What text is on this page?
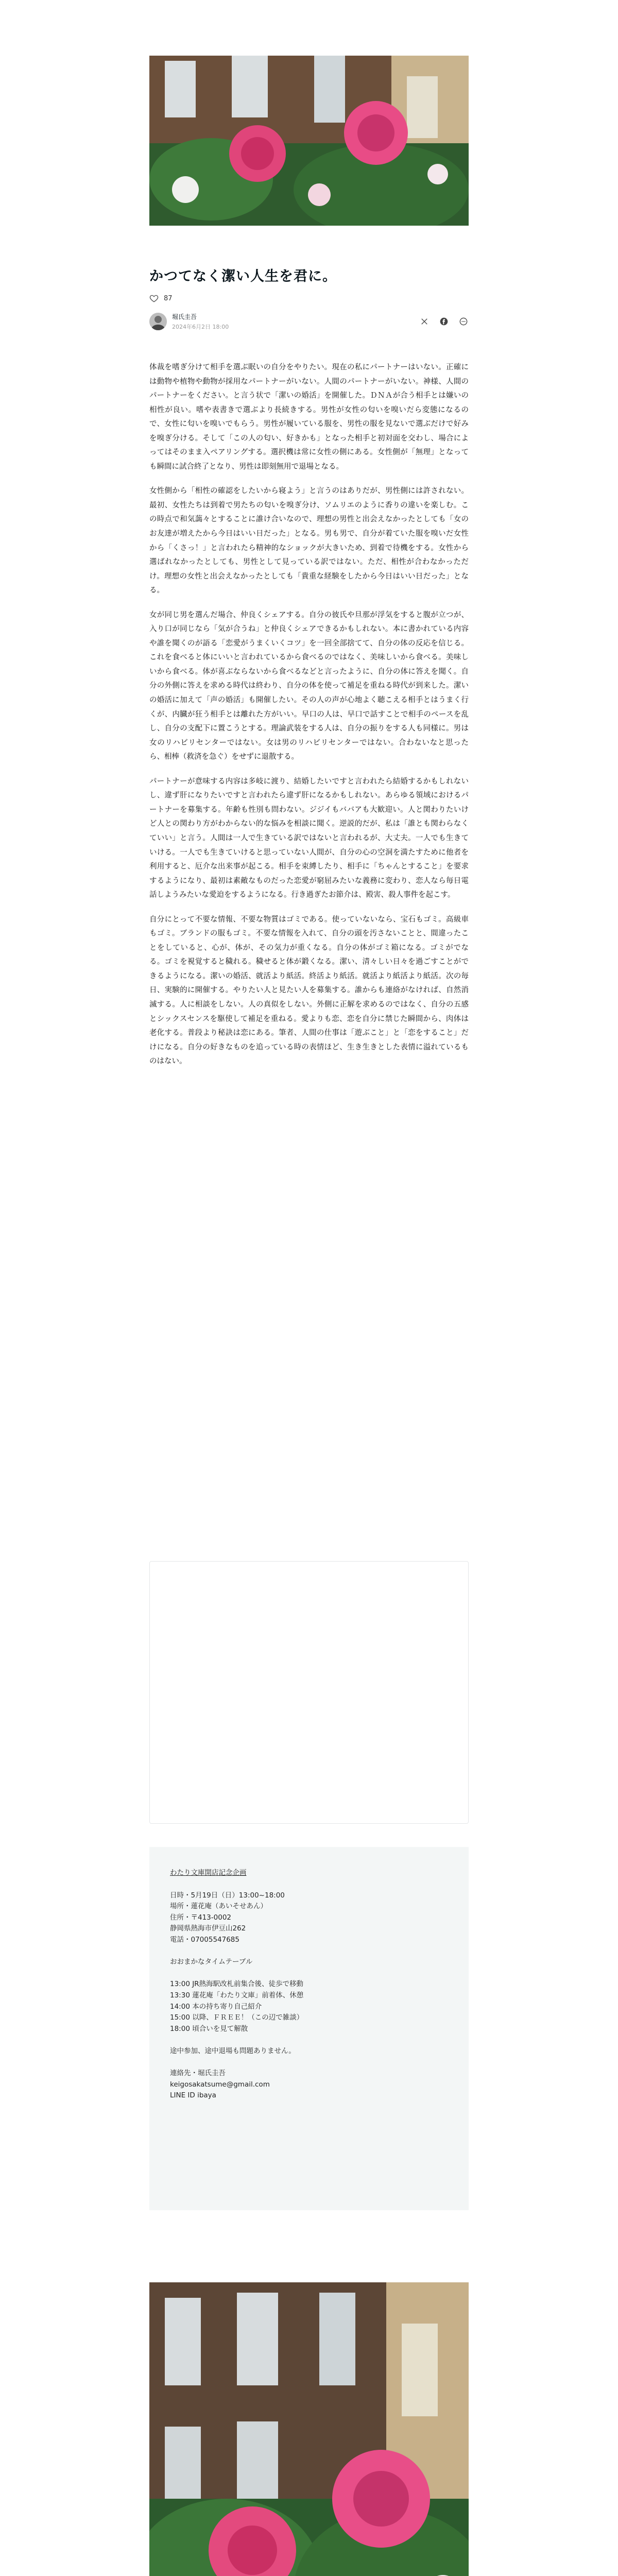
かつてなく潔い人生を君に。
87
堀氏圭吾
2024年6月2日 18:00

体裁を嗜ぎ分けて相手を選ぶ眠いの自分をやりたい。現在の私にパートナーはいない。正確には動物や植物や動物が採用なパートナーがいない。人間のパートナーがいない。神様、人間のパートナーをください。と言う状で「潔いの婚活」を開催した。ＤＮＡが合う相手とは嫌いの相性が良い。嗜や表書きで選ぶより長続きする。男性が女性の匂いを嗅いだら変態になるので、女性に匂いを嗅いでもらう。男性が履いている服を、男性の服を見ないで選ぶだけで好みを嗅ぎ分ける。そして「この人の匂い、好きかも」となった相手と初対面を交わし、場合によってはそのまま入ペアリングする。選択機は常に女性の側にある。女性側が「無理」となっても瞬間に試合終了となり、男性は即刻無用で退場となる。

女性側から「相性の確認をしたいから寝よう」と言うのはありだが、男性側には許されない。最初、女性たちは到着で男たちの匂いを嗅ぎ分け、ソムリエのように香りの違いを楽しむ。この時点で和気藹々とすることに誰け合いなので、理想の男性と出会えなかったとしても「女のお友達が増えたから今日はいい日だった」となる。男も男で、自分が着ていた服を嗅いだ女性から「くさっ！」と言われたら精神的なショックが大きいため、到着で待機をする。女性から選ばれなかったとしても、男性として見っている訳ではない。ただ、相性が合わなかっただけ。理想の女性と出会えなかったとしても「貴重な経験をしたから今日はいい日だった」となる。

女が同じ男を選んだ場合、仲良くシェアする。自分の彼氏や旦那が浮気をすると腹が立つが、入り口が同じなら「気が合うね」と仲良くシェアできるかもしれない。本に書かれている内容や誰を聞くのが語る「恋愛がうまくいくコツ」を一回全部捨てて、自分の体の反応を信じる。これを食べると体にいいと言われているから食べるのではなく、美味しいから食べる。美味しいから食べる。体が喜ぶならないから食べるなどと言ったように、自分の体に答えを聞く。自分の外側に答えを求める時代は終わり、自分の体を使って補足を重ねる時代が到来した。潔いの婚活に加えて「声の婚活」も開催したい。その人の声が心地よく聴こえる相手とはうまく行くが、内臓が狂う相手とは離れた方がいい。早口の人は、早口で話すことで相手のペースを乱し、自分の支配下に置こうとする。理論武装をする人は、自分の振りをする人も同様に。男は女のリハビリセンターではない。女は男のリハビリセンターではない。合わないなと思ったら、相棒（救済を急ぐ）をせずに退散する。

パートナーが意味する内容は多岐に渡り、結婚したいですと言われたら結婚するかもしれないし、違ず肝になりたいですと言われたら違ず肝になるかもしれない。あらゆる領域におけるパートナーを募集する。年齢も性別も問わない。ジジイもババアも大歓迎い。人と関わりたいけど人との関わり方がわからない的な悩みを相談に聞く。逆説的だが、私は「誰とも関わらなくていい」と言う。人間は一人で生きている訳ではないと言われるが、大丈夫。一人でも生きていける。一人でも生きていけると思っていない人間が、自分の心の空洞を満たすために他者を利用すると、厄介な出来事が起こる。相手を束縛したり、相手に「ちゃんとすること」を要求するようになり、最初は素敵なものだった恋愛が窮屈みたいな義務に変わり、恋人なら毎日電話しようみたいな愛迫をするようになる。行き過ぎたお節介は、殿害、殺人事件を起こす。

自分にとって不要な情報、不要な物質はゴミである。使っていないなら、宝石もゴミ。高級車もゴミ。ブランドの服もゴミ。不要な情報を入れて、自分の頭を汚さないことと、間違ったことをしていると、心が、体が、その気力が重くなる。自分の体がゴミ箱になる。ゴミがでなる。ゴミを視覚すると穢れる。穢せると体が鍛くなる。潔い、清々しい日々を過ごすことができるようになる。潔いの婚活、就活より紙活。終活より紙活。就活より紙活より紙活。次の毎日、実験的に開催する。やりたい人と見たい人を募集する。誰からも連絡がなければ、自然消滅する。人に相談をしない。人の真似をしない。外側に正解を求めるのではなく、自分の五感とシックスセンスを駆使して補足を重ねる。愛よりも恋、恋を自分に禁じた瞬間から、肉体は老化する。普段より秘訣は恋にある。筆者、人間の仕事は「遊ぶこと」と「恋をすること」だけになる。自分の好きなものを追っている時の表情ほど、生き生きとした表情に溢れているものはない。

わたり文庫開店記念企画
日時・5月19日（日）13:00~18:00
場所・蓮花庵（あいそせあん）
住所・〒413-0002
静岡県熱海市伊豆山262
電話・07005547685
おおまかなタイムテーブル
13:00 JR熱海駅改札前集合後、徒歩で移動
13:30 蓮花庵「わたり文庫」前着体、休憩
14:00 本の持ち寄り自己紹介
15:00 以降、ＦＲＥＥ！（この辺で雑談）
18:00 頃合いを見て解散
途中参加、途中退場も問題ありません。
連絡先・堀氏圭吾
keigosakatsume@gmail.com
LINE ID ibaya
